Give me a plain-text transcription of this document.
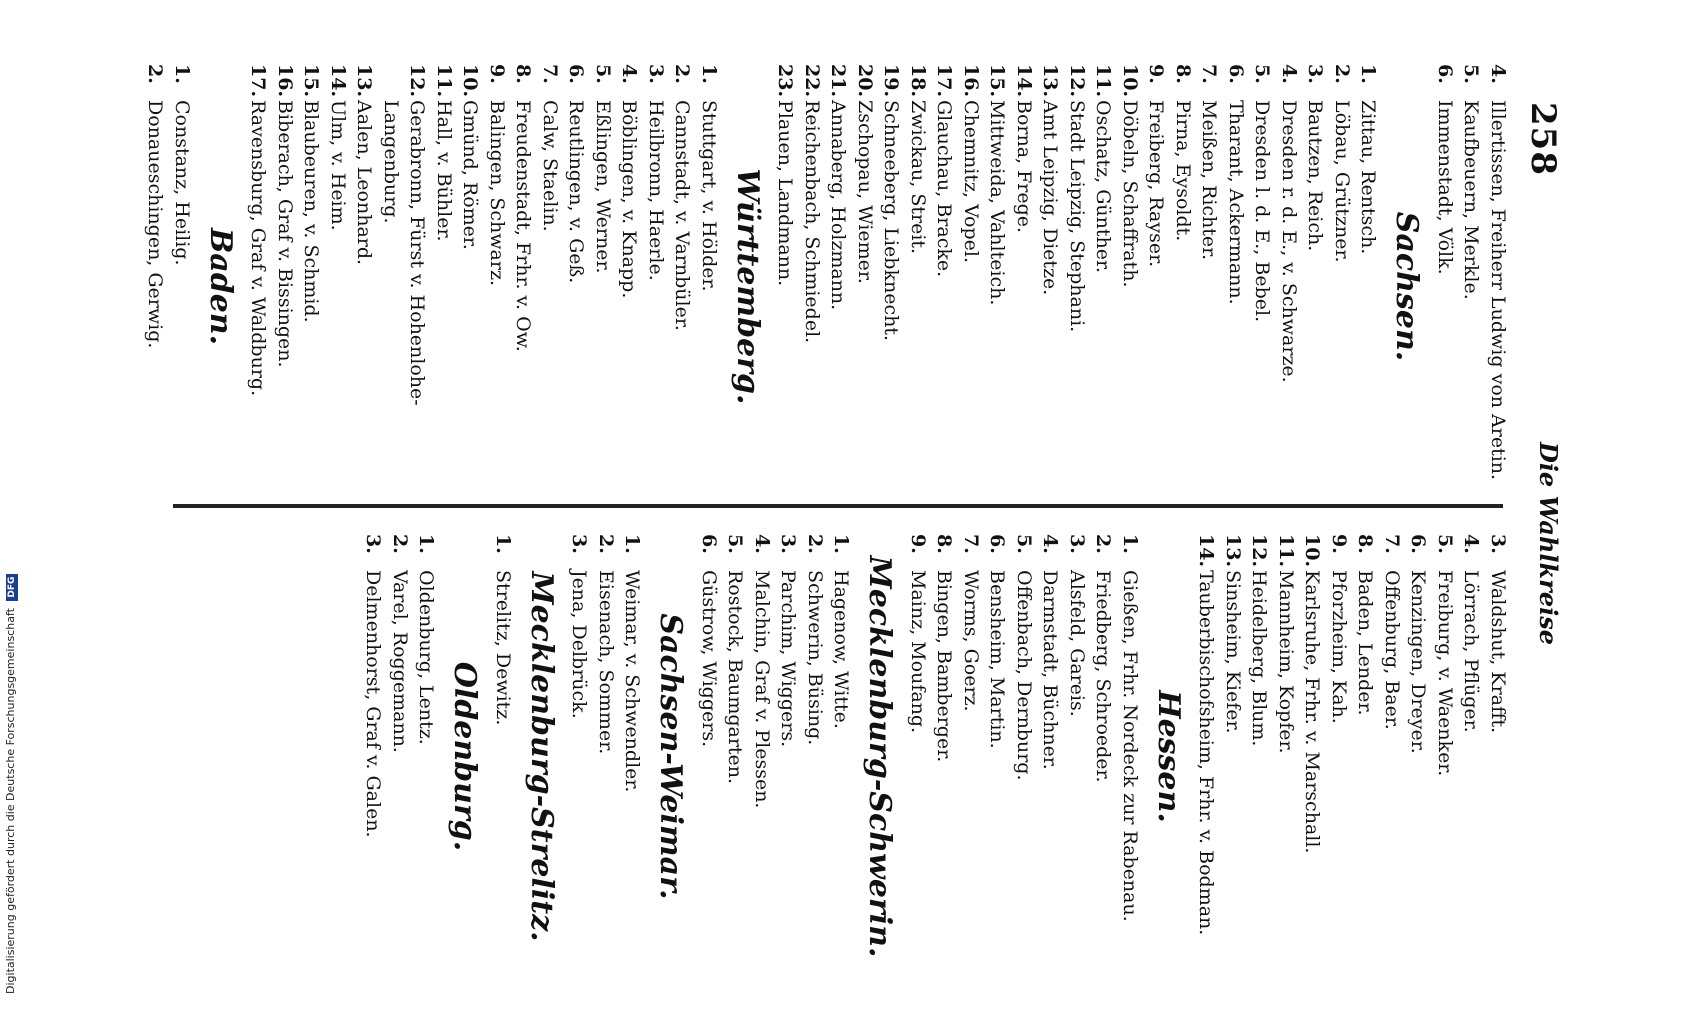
258
Die Wahlkreise
4.Illertissen, Freiherr Ludwig von Aretin.
5.Kaufbeuern, Merkle.
6.Immenstadt, Völk.
Sachsen.
1.Zittau, Rentsch.
2.Löbau, Grützner.
3.Bautzen, Reich.
4.Dresden r. d. E., v. Schwarze.
5.Dresden l. d. E., Bebel.
6.Tharant, Ackermann.
7.Meißen, Richter.
8.Pirna, Eysoldt.
9.Freiberg, Rayser.
10.Döbeln, Schaffrath.
11.Oschatz, Günther.
12.Stadt Leipzig, Stephani.
13.Amt Leipzig, Dietze.
14.Borna, Frege.
15.Mittweida, Vahlteich.
16.Chemnitz, Vopel.
17.Glauchau, Bracke.
18.Zwickau, Streit.
19.Schneeberg, Liebknecht.
20.Zschopau, Wiemer.
21.Annaberg, Holzmann.
22.Reichenbach, Schmiedel.
23.Plauen, Landmann.
Württemberg.
1.Stuttgart, v. Hölder.
2.Cannstadt, v. Varnbüler.
3.Heilbronn, Haerle.
4.Böblingen, v. Knapp.
5.Eßlingen, Werner.
6.Reutlingen, v. Geß.
7.Calw, Staelin.
8.Freudenstadt, Frhr. v. Ow.
9.Balingen, Schwarz.
10.Gmünd, Römer.
11.Hall, v. Bühler.
12.Gerabronn, Fürst v. Hohenlohe-Langenburg.
13.Aalen, Leonhard.
14.Ulm, v. Heim.
15.Blaubeuren, v. Schmid.
16.Biberach, Graf v. Bissingen.
17.Ravensburg, Graf v. Waldburg.
Baden.
1.Constanz, Heilig.
2.Donaueschingen, Gerwig.
3.Waldshut, Krafft.
4.Lörrach, Pflüger.
5.Freiburg, v. Waenker.
6.Kenzingen, Dreyer.
7.Offenburg, Baer.
8.Baden, Lender.
9.Pforzheim, Kah.
10.Karlsruhe, Frhr. v. Marschall.
11.Mannheim, Kopfer.
12.Heidelberg, Blum.
13.Sinsheim, Kiefer.
14.Tauberbischofsheim, Frhr. v. Bodman.
Hessen.
1.Gießen, Frhr. Nordeck zur Rabenau.
2.Friedberg, Schroeder.
3.Alsfeld, Gareis.
4.Darmstadt, Büchner.
5.Offenbach, Dernburg.
6.Bensheim, Martin.
7.Worms, Goerz.
8.Bingen, Bamberger.
9.Mainz, Moufang.
Mecklenburg-Schwerin.
1.Hagenow, Witte.
2.Schwerin, Büsing.
3.Parchim, Wiggers.
4.Malchin, Graf v. Plessen.
5.Rostock, Baumgarten.
6.Güstrow, Wiggers.
Sachsen-Weimar.
1.Weimar, v. Schwendler.
2.Eisenach, Sommer.
3.Jena, Delbrück.
Mecklenburg-Strelitz.
1.Strelitz, Dewitz.
Oldenburg.
1.Oldenburg, Lentz.
2.Varel, Roggemann.
3.Delmenhorst, Graf v. Galen.
Digitalisierung gefördert durch die Deutsche Forschungsgemeinschaft DFG
